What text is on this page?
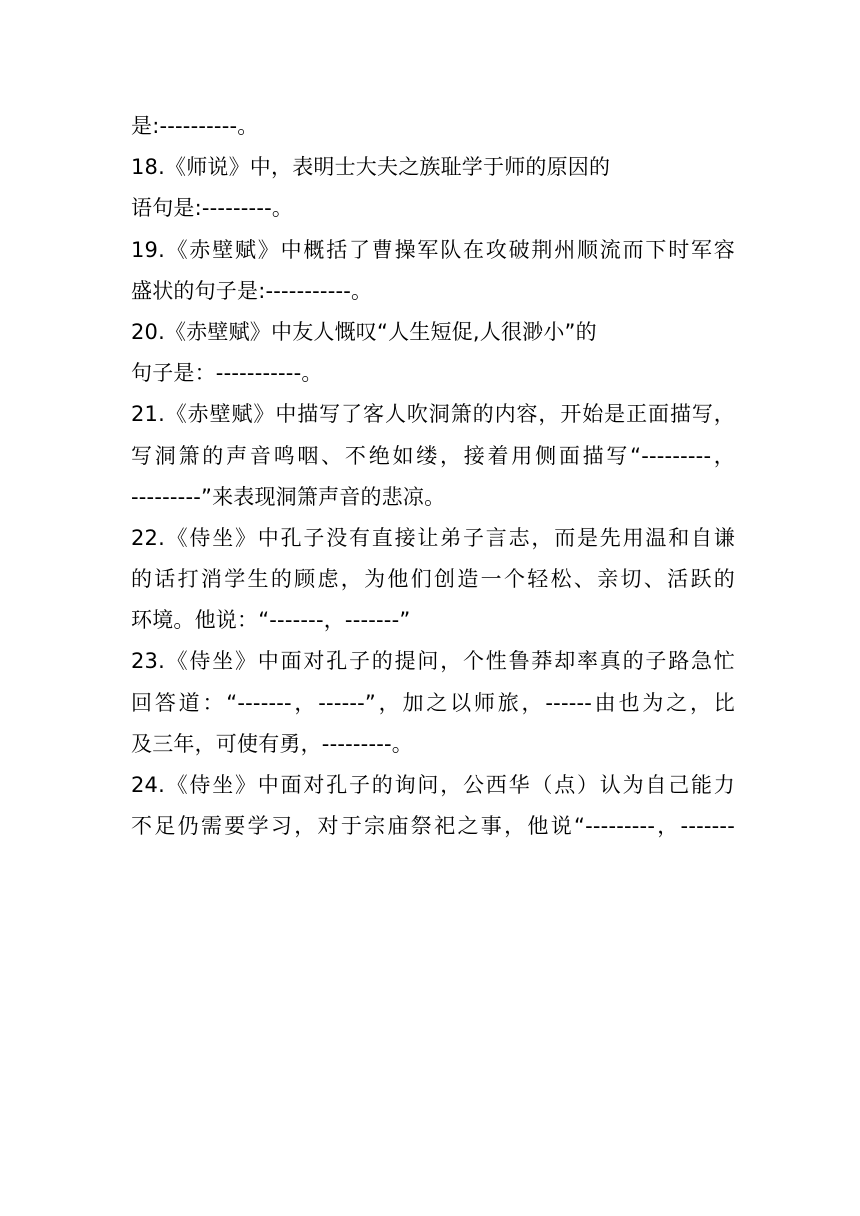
是:----------。
18.《师说》中，表明士大夫之族耻学于师的原因的
语句是:---------。
19.《赤壁赋》中概括了曹操军队在攻破荆州顺流而下时军容
盛状的句子是:-----------。
20.《赤壁赋》中友人慨叹“人生短促,人很渺小”的
句子是：-----------。
21.《赤壁赋》中描写了客人吹洞箫的内容，开始是正面描写，
写洞箫的声音鸣咽、不绝如缕，接着用侧面描写“---------，
---------”来表现洞箫声音的悲凉。
22.《侍坐》中孔子没有直接让弟子言志，而是先用温和自谦
的话打消学生的顾虑，为他们创造一个轻松、亲切、活跃的
环境。他说：“-------，-------”
23.《侍坐》中面对孔子的提问，个性鲁莽却率真的子路急忙
回答道：“-------，------”，加之以师旅，------由也为之，比
及三年，可使有勇，---------。
24.《侍坐》中面对孔子的询问，公西华（点）认为自己能力
不足仍需要学习，对于宗庙祭祀之事，他说“---------，-------
